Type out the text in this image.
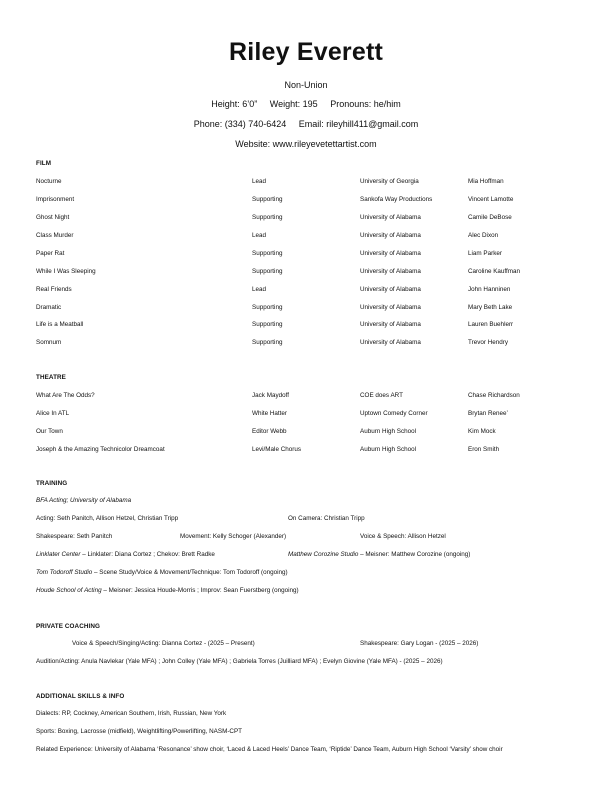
Riley Everett
Non-Union
Height: 6’0” Weight: 195 Pronouns: he/him
Phone: (334) 740-6424 Email: rileyhill411@gmail.com
Website: www.rileyevetettartist.com
FILM
Nocturne	Lead	University of Georgia	Mia Hoffman
Imprisonment	Supporting	Sankofa Way Productions	Vincent Lamotte
Ghost Night	Supporting	University of Alabama	Camile DeBose
Class Murder	Lead	University of Alabama	Alec Dixon
Paper Rat	Supporting	University of Alabama	Liam Parker
While I Was Sleeping	Supporting	University of Alabama	Caroline Kauffman
Real Friends	Lead	University of Alabama	John Hanninen
Dramatic	Supporting	University of Alabama	Mary Beth Lake
Life is a Meatball	Supporting	University of Alabama	Lauren Buehlerr
Somnum	Supporting	University of Alabama	Trevor Hendry
THEATRE
What Are The Odds?	Jack Maydoff	COE does ART	Chase Richardson
Alice In ATL	White Hatter	Uptown Comedy Corner	Brytan Renee’
Our Town	Editor Webb	Auburn High School	Kim Mock
Joseph & the Amazing Technicolor Dreamcoat	Levi/Male Chorus	Auburn High School	Eron Smith
TRAINING
BFA Acting; University of Alabama
Acting: Seth Panitch, Allison Hetzel, Christian Tripp	On Camera: Christian Tripp
Shakespeare: Seth Panitch	Movement: Kelly Schoger (Alexander)	Voice & Speech: Allison Hetzel
Linklater Center – Linklater: Diana Cortez ; Chekov: Brett Radke	Matthew Corozine Studio – Meisner: Matthew Corozine (ongoing)
Tom Todoroff Studio – Scene Study/Voice & Movement/Technique: Tom Todoroff (ongoing)
Houde School of Acting – Meisner: Jessica Houde-Morris ; Improv: Sean Fuerstberg (ongoing)
PRIVATE COACHING
Voice & Speech/Singing/Acting: Dianna Cortez - (2025 – Present)	Shakespeare: Gary Logan - (2025 – 2026)
Audition/Acting: Anula Navlekar (Yale MFA) ; John Colley (Yale MFA) ; Gabriela Torres (Juilliard MFA) ; Evelyn Giovine (Yale MFA) - (2025 – 2026)
ADDITIONAL SKILLS & INFO
Dialects: RP, Cockney, American Southern, Irish, Russian, New York
Sports: Boxing, Lacrosse (midfield), Weightlifting/Powerlifting, NASM-CPT
Related Experience: University of Alabama ‘Resonance’ show choir, ‘Laced & Laced Heels’ Dance Team, ‘Riptide’ Dance Team, Auburn High School ‘Varsity’ show choir
